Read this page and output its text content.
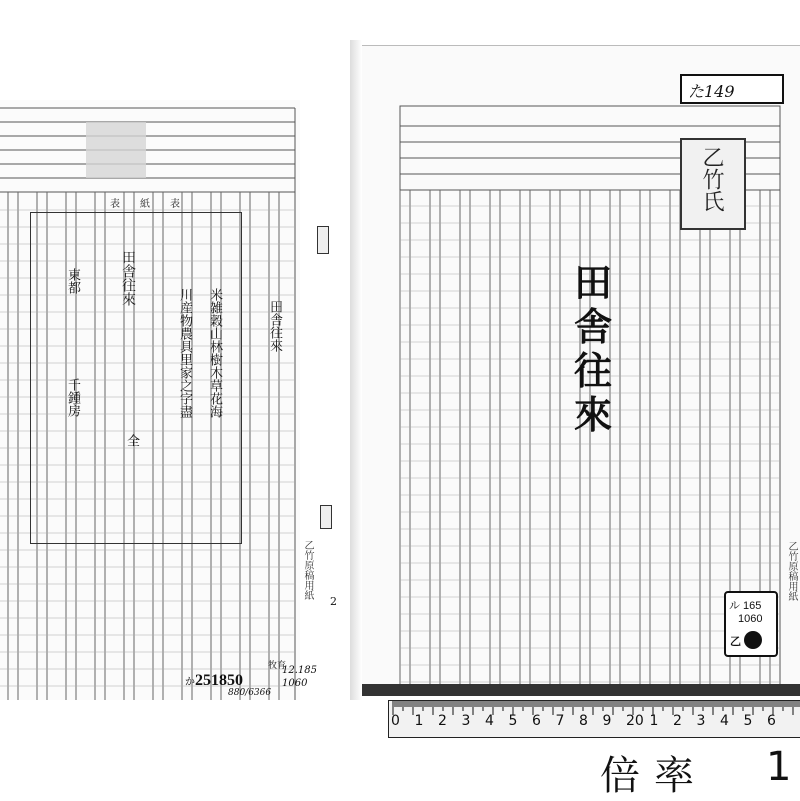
表紙表
田舎往來
米雑穀山林樹木草花海
川産物農具里家之字盡	田舎往來
全
千鍾房
東都
乙竹原稿用紙
2
か251850
牧育
12.185
1060
880/6366
た149
乙竹氏
田
舎
往
來
乙竹原稿用紙
ル 165
1060
乙
0 1 2 3 4 5 6 7 8 9 20 1 2 3 4 5 6
倍率 1
